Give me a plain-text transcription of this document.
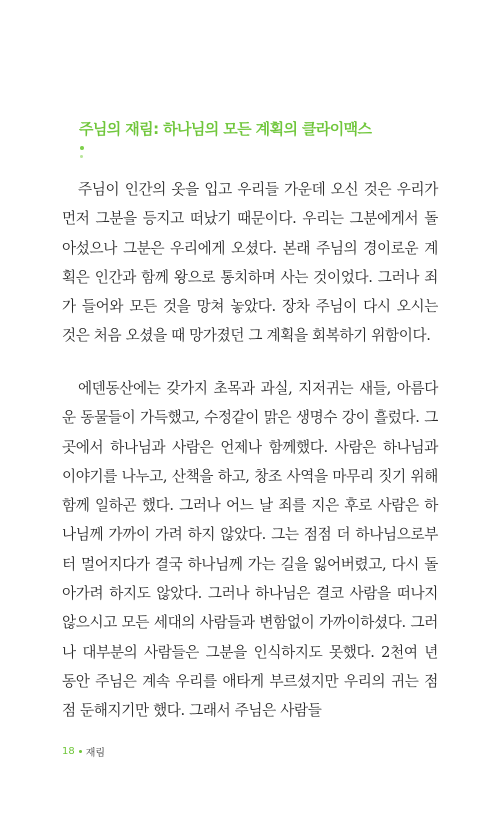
주님의 재림: 하나님의 모든 계획의 클라이맥스

주님이 인간의 옷을 입고 우리들 가운데 오신 것은 우리가 먼저 그분을 등지고 떠났기 때문이다. 우리는 그분에게서 돌아섰으나 그분은 우리에게 오셨다. 본래 주님의 경이로운 계획은 인간과 함께 왕으로 통치하며 사는 것이었다. 그러나 죄가 들어와 모든 것을 망쳐 놓았다. 장차 주님이 다시 오시는 것은 처음 오셨을 때 망가졌던 그 계획을 회복하기 위함이다.

에덴동산에는 갖가지 초목과 과실, 지저귀는 새들, 아름다운 동물들이 가득했고, 수정같이 맑은 생명수 강이 흘렀다. 그곳에서 하나님과 사람은 언제나 함께했다. 사람은 하나님과 이야기를 나누고, 산책을 하고, 창조 사역을 마무리 짓기 위해 함께 일하곤 했다. 그러나 어느 날 죄를 지은 후로 사람은 하나님께 가까이 가려 하지 않았다. 그는 점점 더 하나님으로부터 멀어지다가 결국 하나님께 가는 길을 잃어버렸고, 다시 돌아가려 하지도 않았다. 그러나 하나님은 결코 사람을 떠나지 않으시고 모든 세대의 사람들과 변함없이 가까이하셨다. 그러나 대부분의 사람들은 그분을 인식하지도 못했다. 2천여 년 동안 주님은 계속 우리를 애타게 부르셨지만 우리의 귀는 점점 둔해지기만 했다. 그래서 주님은 사람들

18 재림
